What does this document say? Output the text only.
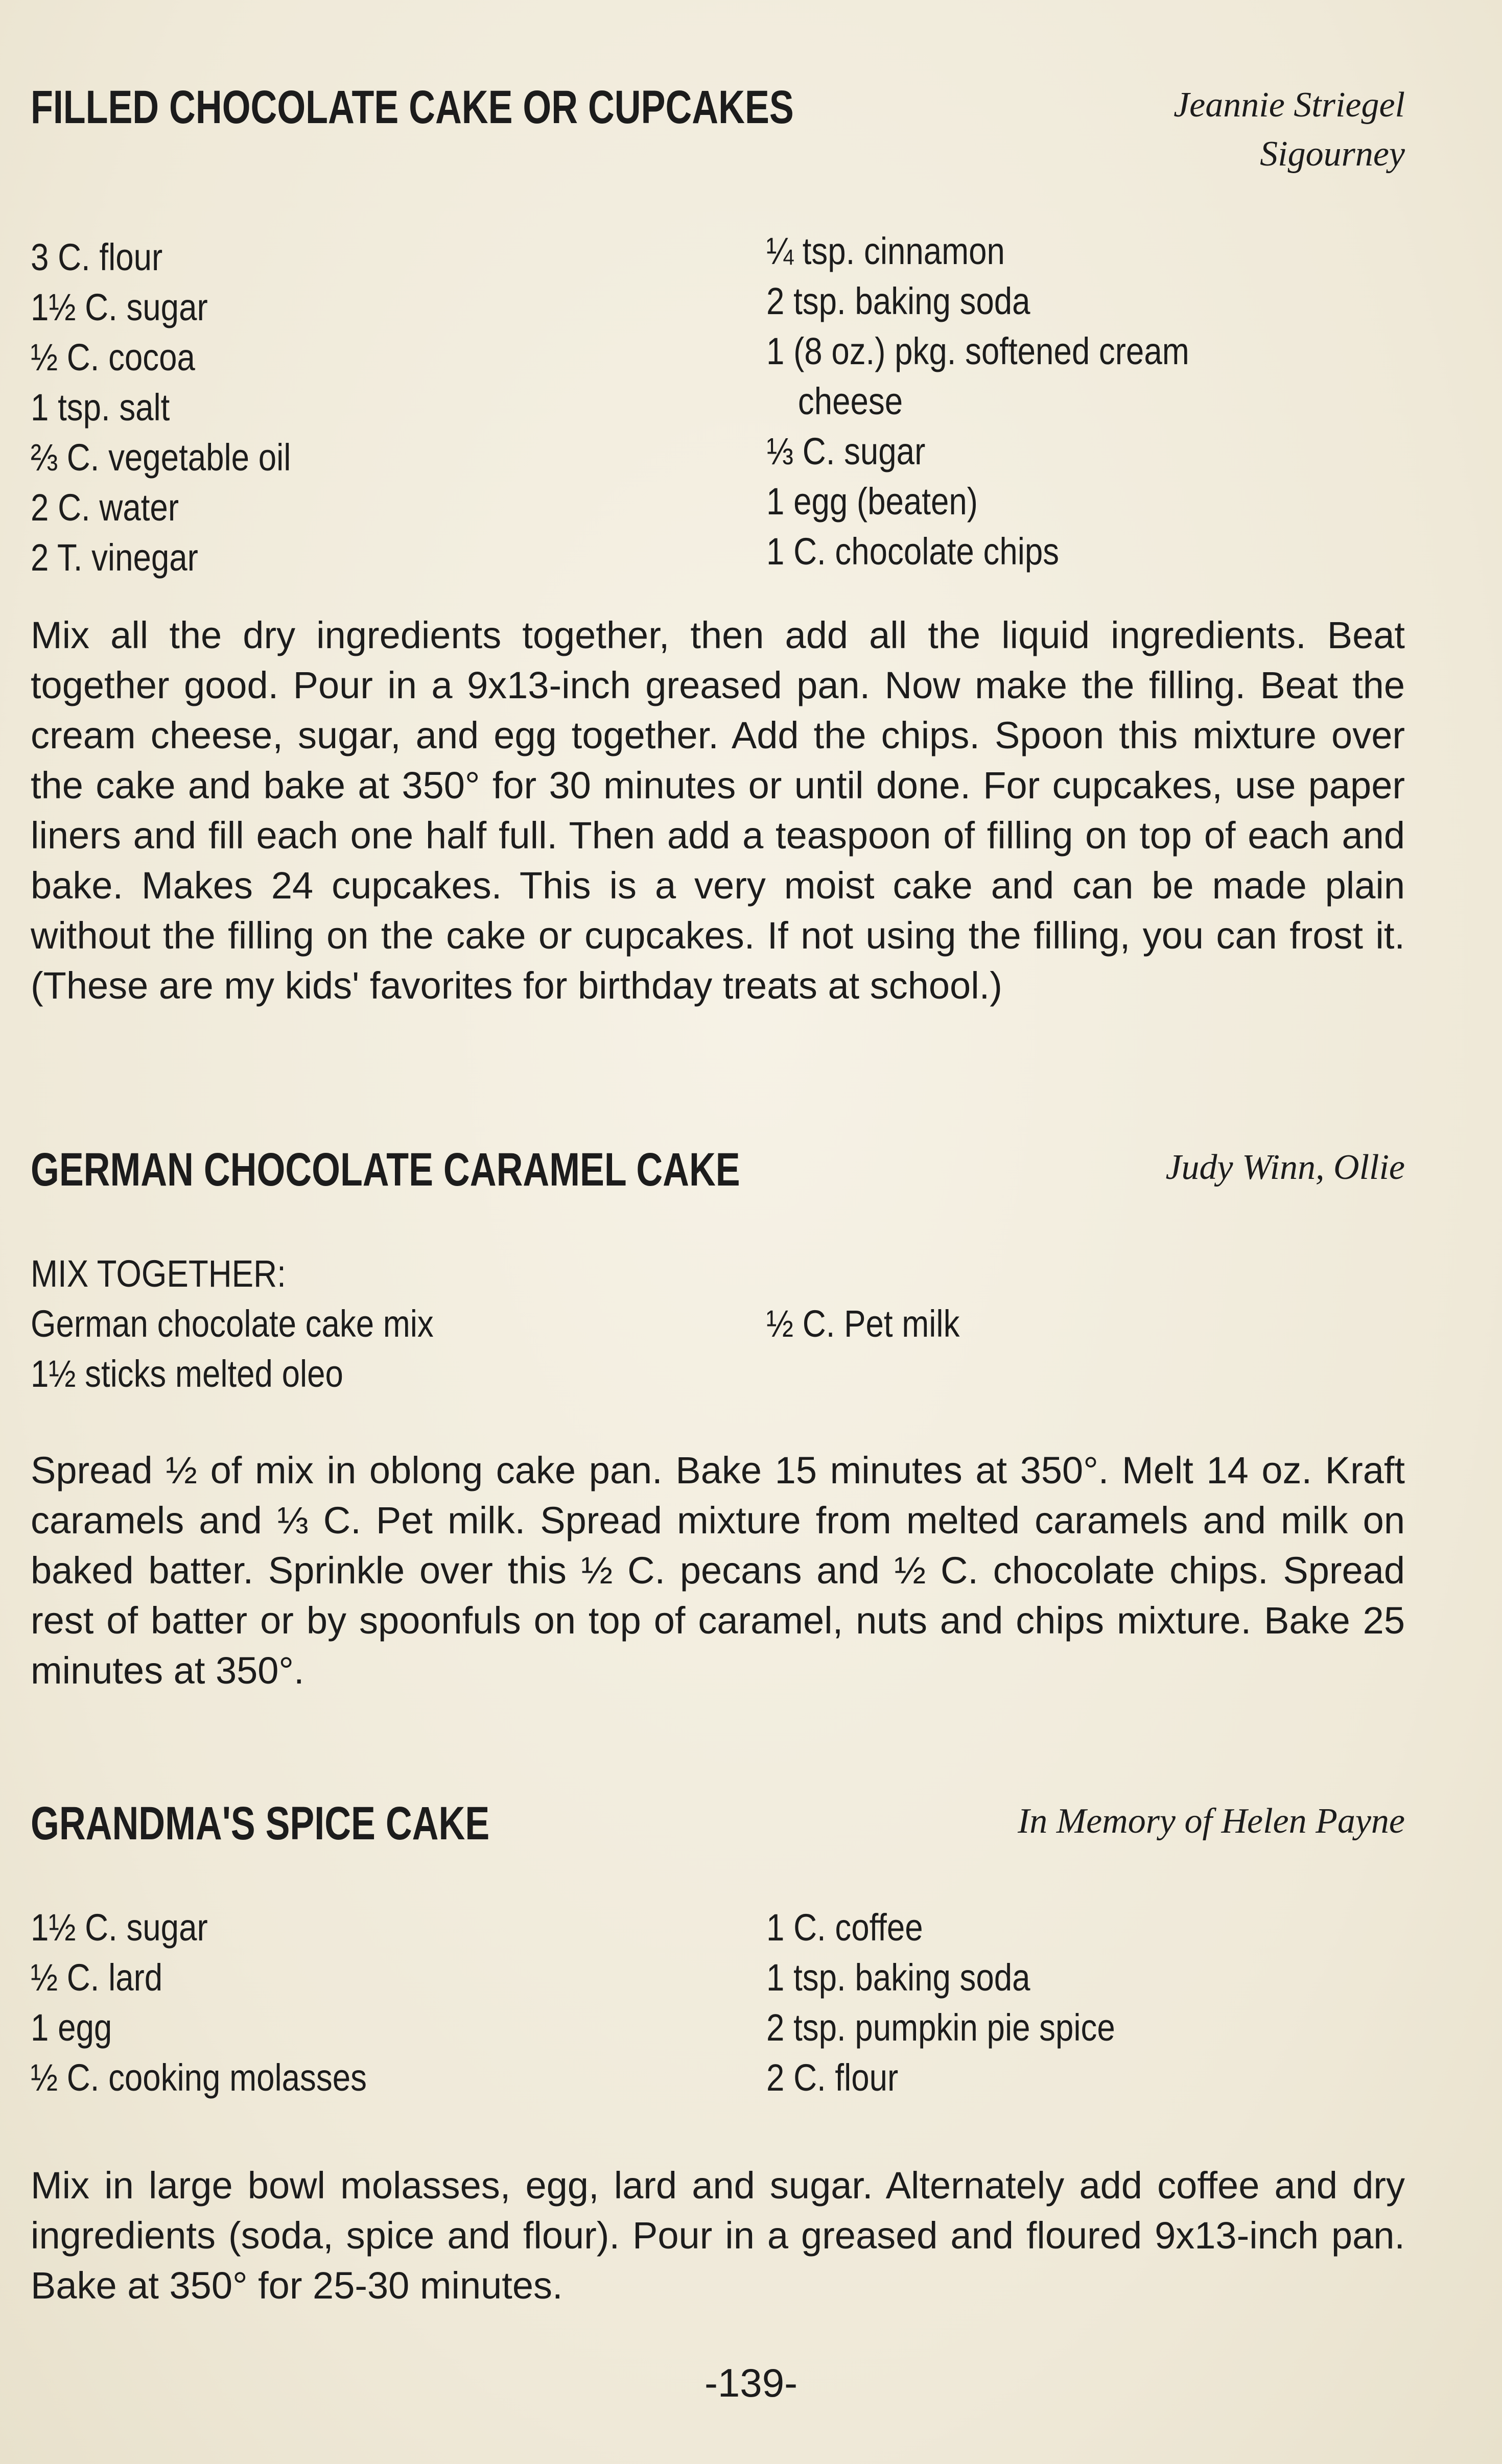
FILLED CHOCOLATE CAKE OR CUPCAKES	Jeannie Striegel
Sigourney
3 C. flour
1½ C. sugar
½ C. cocoa
1 tsp. salt
⅔ C. vegetable oil
2 C. water
2 T. vinegar
¼ tsp. cinnamon
2 tsp. baking soda
1 (8 oz.) pkg. softened cream
cheese
⅓ C. sugar
1 egg (beaten)
1 C. chocolate chips
Mix all the dry ingredients together, then add all the liquid ingredients. Beat together good. Pour in a 9x13-inch greased pan. Now make the filling. Beat the cream cheese, sugar, and egg together. Add the chips. Spoon this mixture over the cake and bake at 350° for 30 minutes or until done. For cupcakes, use paper liners and fill each one half full. Then add a teaspoon of filling on top of each and bake. Makes 24 cupcakes. This is a very moist cake and can be made plain without the filling on the cake or cupcakes. If not using the filling, you can frost it. (These are my kids' favorites for birthday treats at school.)
GERMAN CHOCOLATE CARAMEL CAKE	Judy Winn, Ollie
MIX TOGETHER:
German chocolate cake mix
1½ sticks melted oleo
½ C. Pet milk
Spread ½ of mix in oblong cake pan. Bake 15 minutes at 350°. Melt 14 oz. Kraft caramels and ⅓ C. Pet milk. Spread mixture from melted caramels and milk on baked batter. Sprinkle over this ½ C. pecans and ½ C. chocolate chips. Spread rest of batter or by spoonfuls on top of caramel, nuts and chips mixture. Bake 25 minutes at 350°.
GRANDMA'S SPICE CAKE	In Memory of Helen Payne
1½ C. sugar
½ C. lard
1 egg
½ C. cooking molasses
1 C. coffee
1 tsp. baking soda
2 tsp. pumpkin pie spice
2 C. flour
Mix in large bowl molasses, egg, lard and sugar. Alternately add coffee and dry ingredients (soda, spice and flour). Pour in a greased and floured 9x13-inch pan. Bake at 350° for 25-30 minutes.
-139-
